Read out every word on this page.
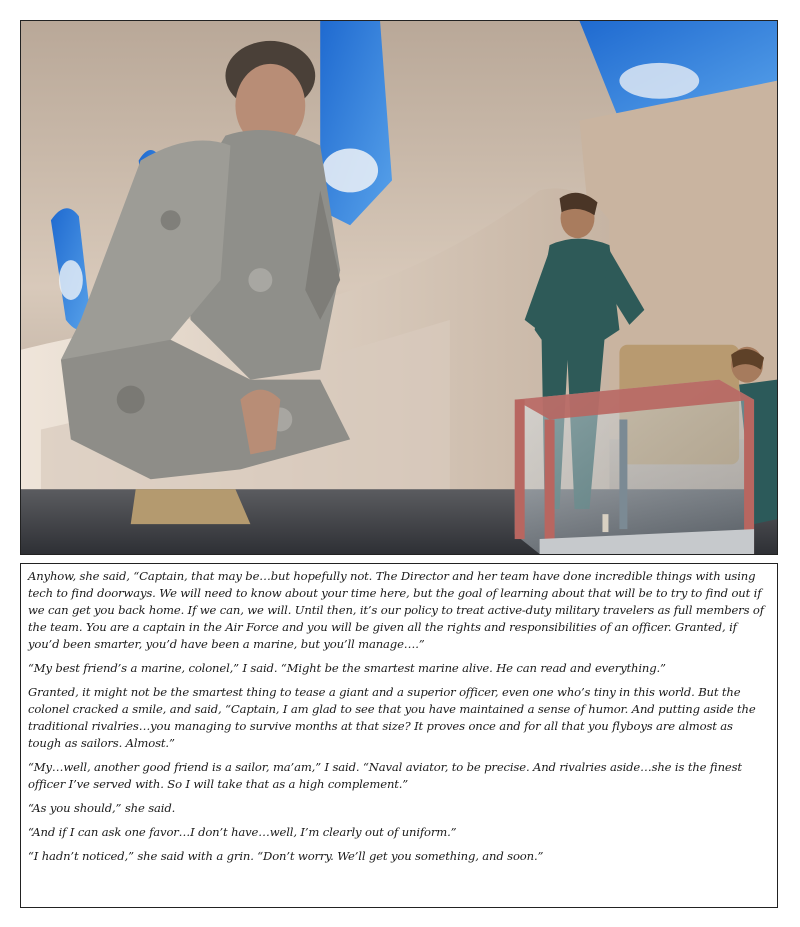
Anyhow, she said, “Captain, that may be…but hopefully not. The Director and her team have done incredible things with using tech to find doorways. We will need to know about your time here, but the goal of learning about that will be to try to find out if we can get you back home. If we can, we will. Until then, it’s our policy to treat active-duty military travelers as full members of the team. You are a captain in the Air Force and you will be given all the rights and responsibilities of an officer. Granted, if you’d been smarter, you’d have been a marine, but you’ll manage….”

“My best friend’s a marine, colonel,” I said. “Might be the smartest marine alive. He can read and everything.”

Granted, it might not be the smartest thing to tease a giant and a superior officer, even one who’s tiny in this world. But the colonel cracked a smile, and said, “Captain, I am glad to see that you have maintained a sense of humor. And putting aside the traditional rivalries…you managing to survive months at that size? It proves once and for all that you flyboys are almost as tough as sailors. Almost.”

“My…well, another good friend is a sailor, ma’am,” I said. “Naval aviator, to be precise. And rivalries aside…she is the finest officer I’ve served with. So I will take that as a high complement.”

“As you should,” she said.

“And if I can ask one favor…I don’t have…well, I’m clearly out of uniform.”

“I hadn’t noticed,” she said with a grin. “Don’t worry. We’ll get you something, and soon.”
